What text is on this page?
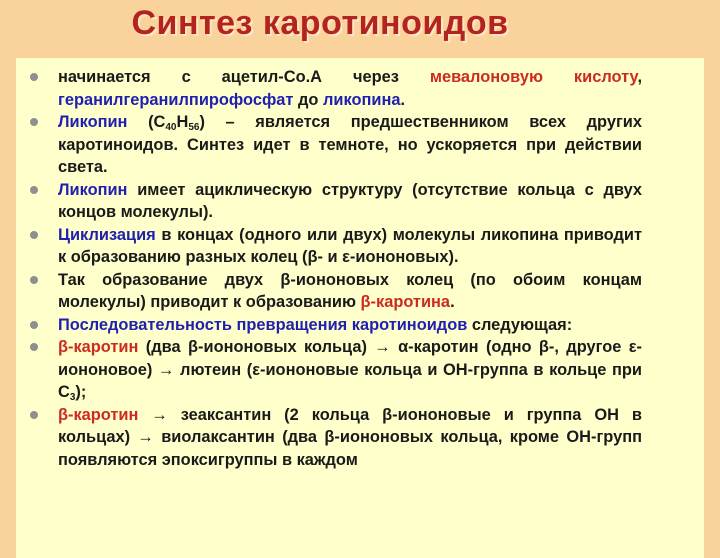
Синтез каротиноидов
начинается с ацетил-Со.А через мевалоновую кислоту, геранилгеранилпирофосфат до ликопина.
Ликопин $(С_{40}Н_{56})$ – является предшественником всех других каротиноидов. Синтез идет в темноте, но ускоряется при действии света.
Ликопин имеет ациклическую структуру (отсутствие кольца с двух концов молекулы).
Циклизация в концах (одного или двух) молекулы ликопина приводит к образованию разных колец (β- и ε-иононовых).
Так образование двух β-иононовых колец (по обоим концам молекулы) приводит к образованию β-каротина.
Последовательность превращения каротиноидов следующая:
β-каротин (два β-иононовых кольца) → α-каротин (одно β-, другое ε-иононовое) → лютеин (ε-иононовые кольца и ОН-группа в кольце при $С_3$);
β-каротин → зеаксантин (2 кольца β-иононовые и группа ОН в кольцах) → виолаксантин (два β-иононовых кольца, кроме ОН-групп появляются эпоксигруппы в каждом
